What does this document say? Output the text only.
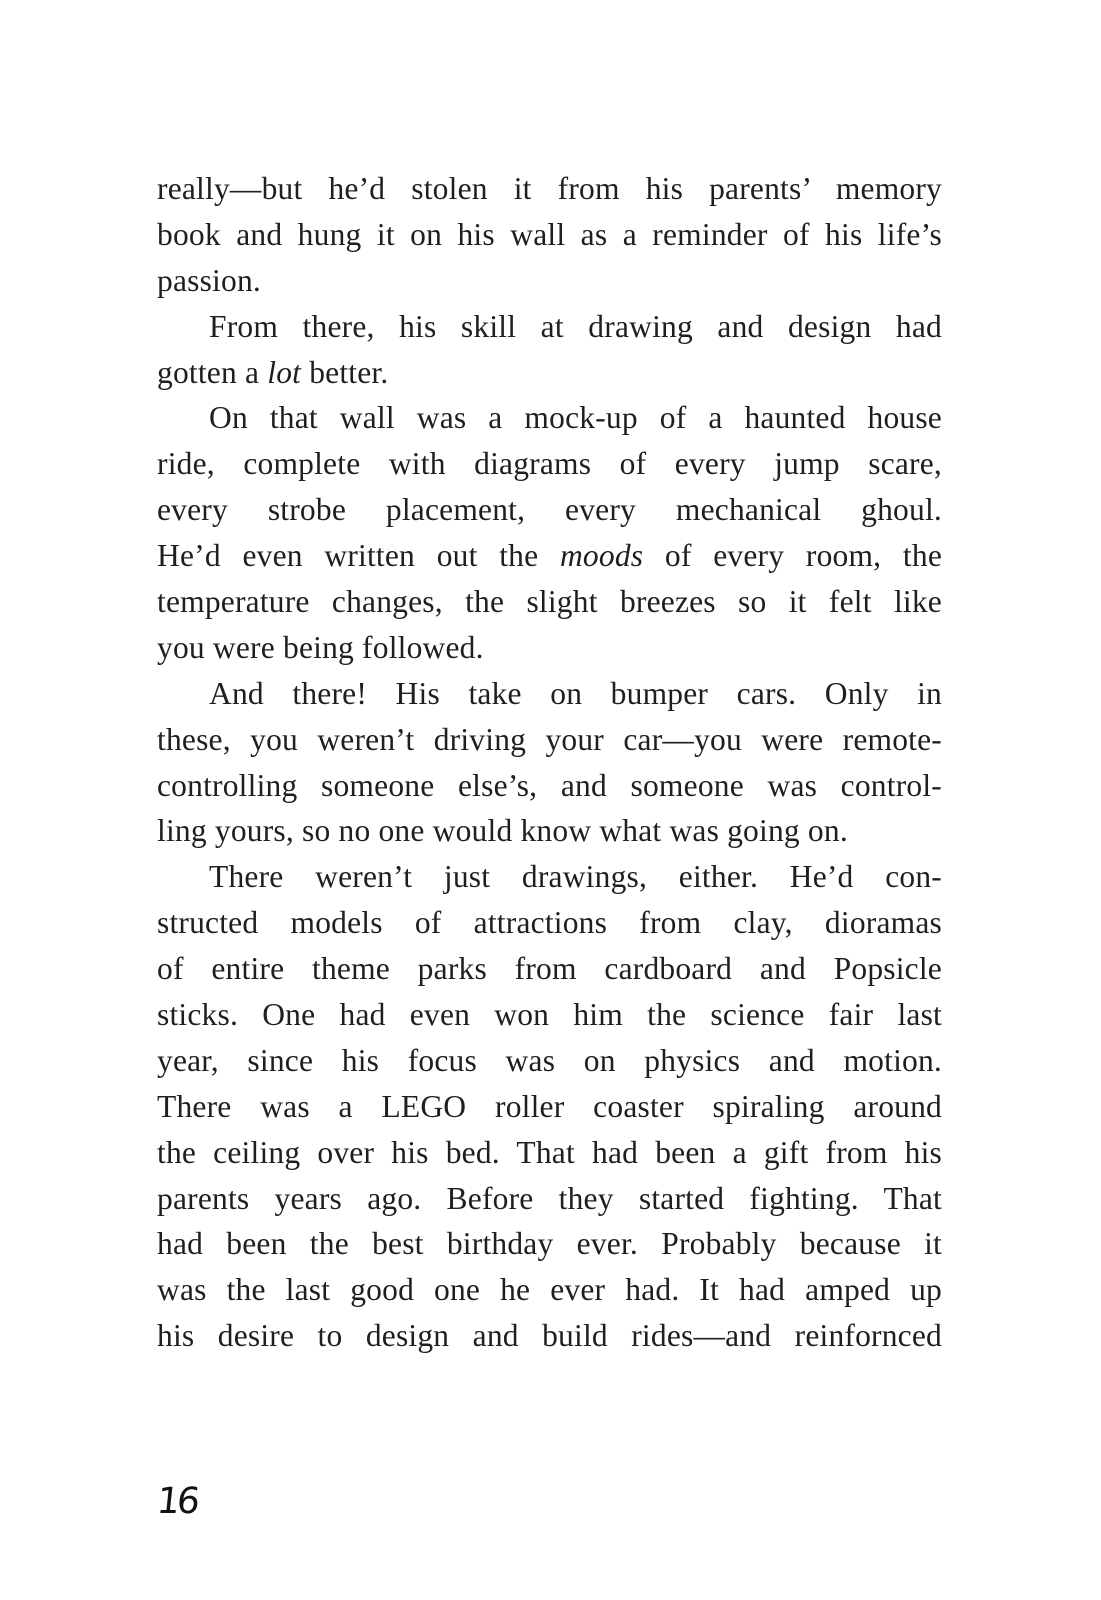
really—but he’d stolen it from his parents’ memory
book and hung it on his wall as a reminder of his life’s
passion.
From there, his skill at drawing and design had
gotten a lot better.
On that wall was a mock-up of a haunted house
ride, complete with diagrams of every jump scare,
every strobe placement, every mechanical ghoul.
He’d even written out the moods of every room, the
temperature changes, the slight breezes so it felt like
you were being followed.
And there! His take on bumper cars. Only in
these, you weren’t driving your car—you were remote-
controlling someone else’s, and someone was control-
ling yours, so no one would know what was going on.
There weren’t just drawings, either. He’d con-
structed models of attractions from clay, dioramas
of entire theme parks from cardboard and Popsicle
sticks. One had even won him the science fair last
year, since his focus was on physics and motion.
There was a LEGO roller coaster spiraling around
the ceiling over his bed. That had been a gift from his
parents years ago. Before they started fighting. That
had been the best birthday ever. Probably because it
was the last good one he ever had. It had amped up
his desire to design and build rides—and reinfornced
16
